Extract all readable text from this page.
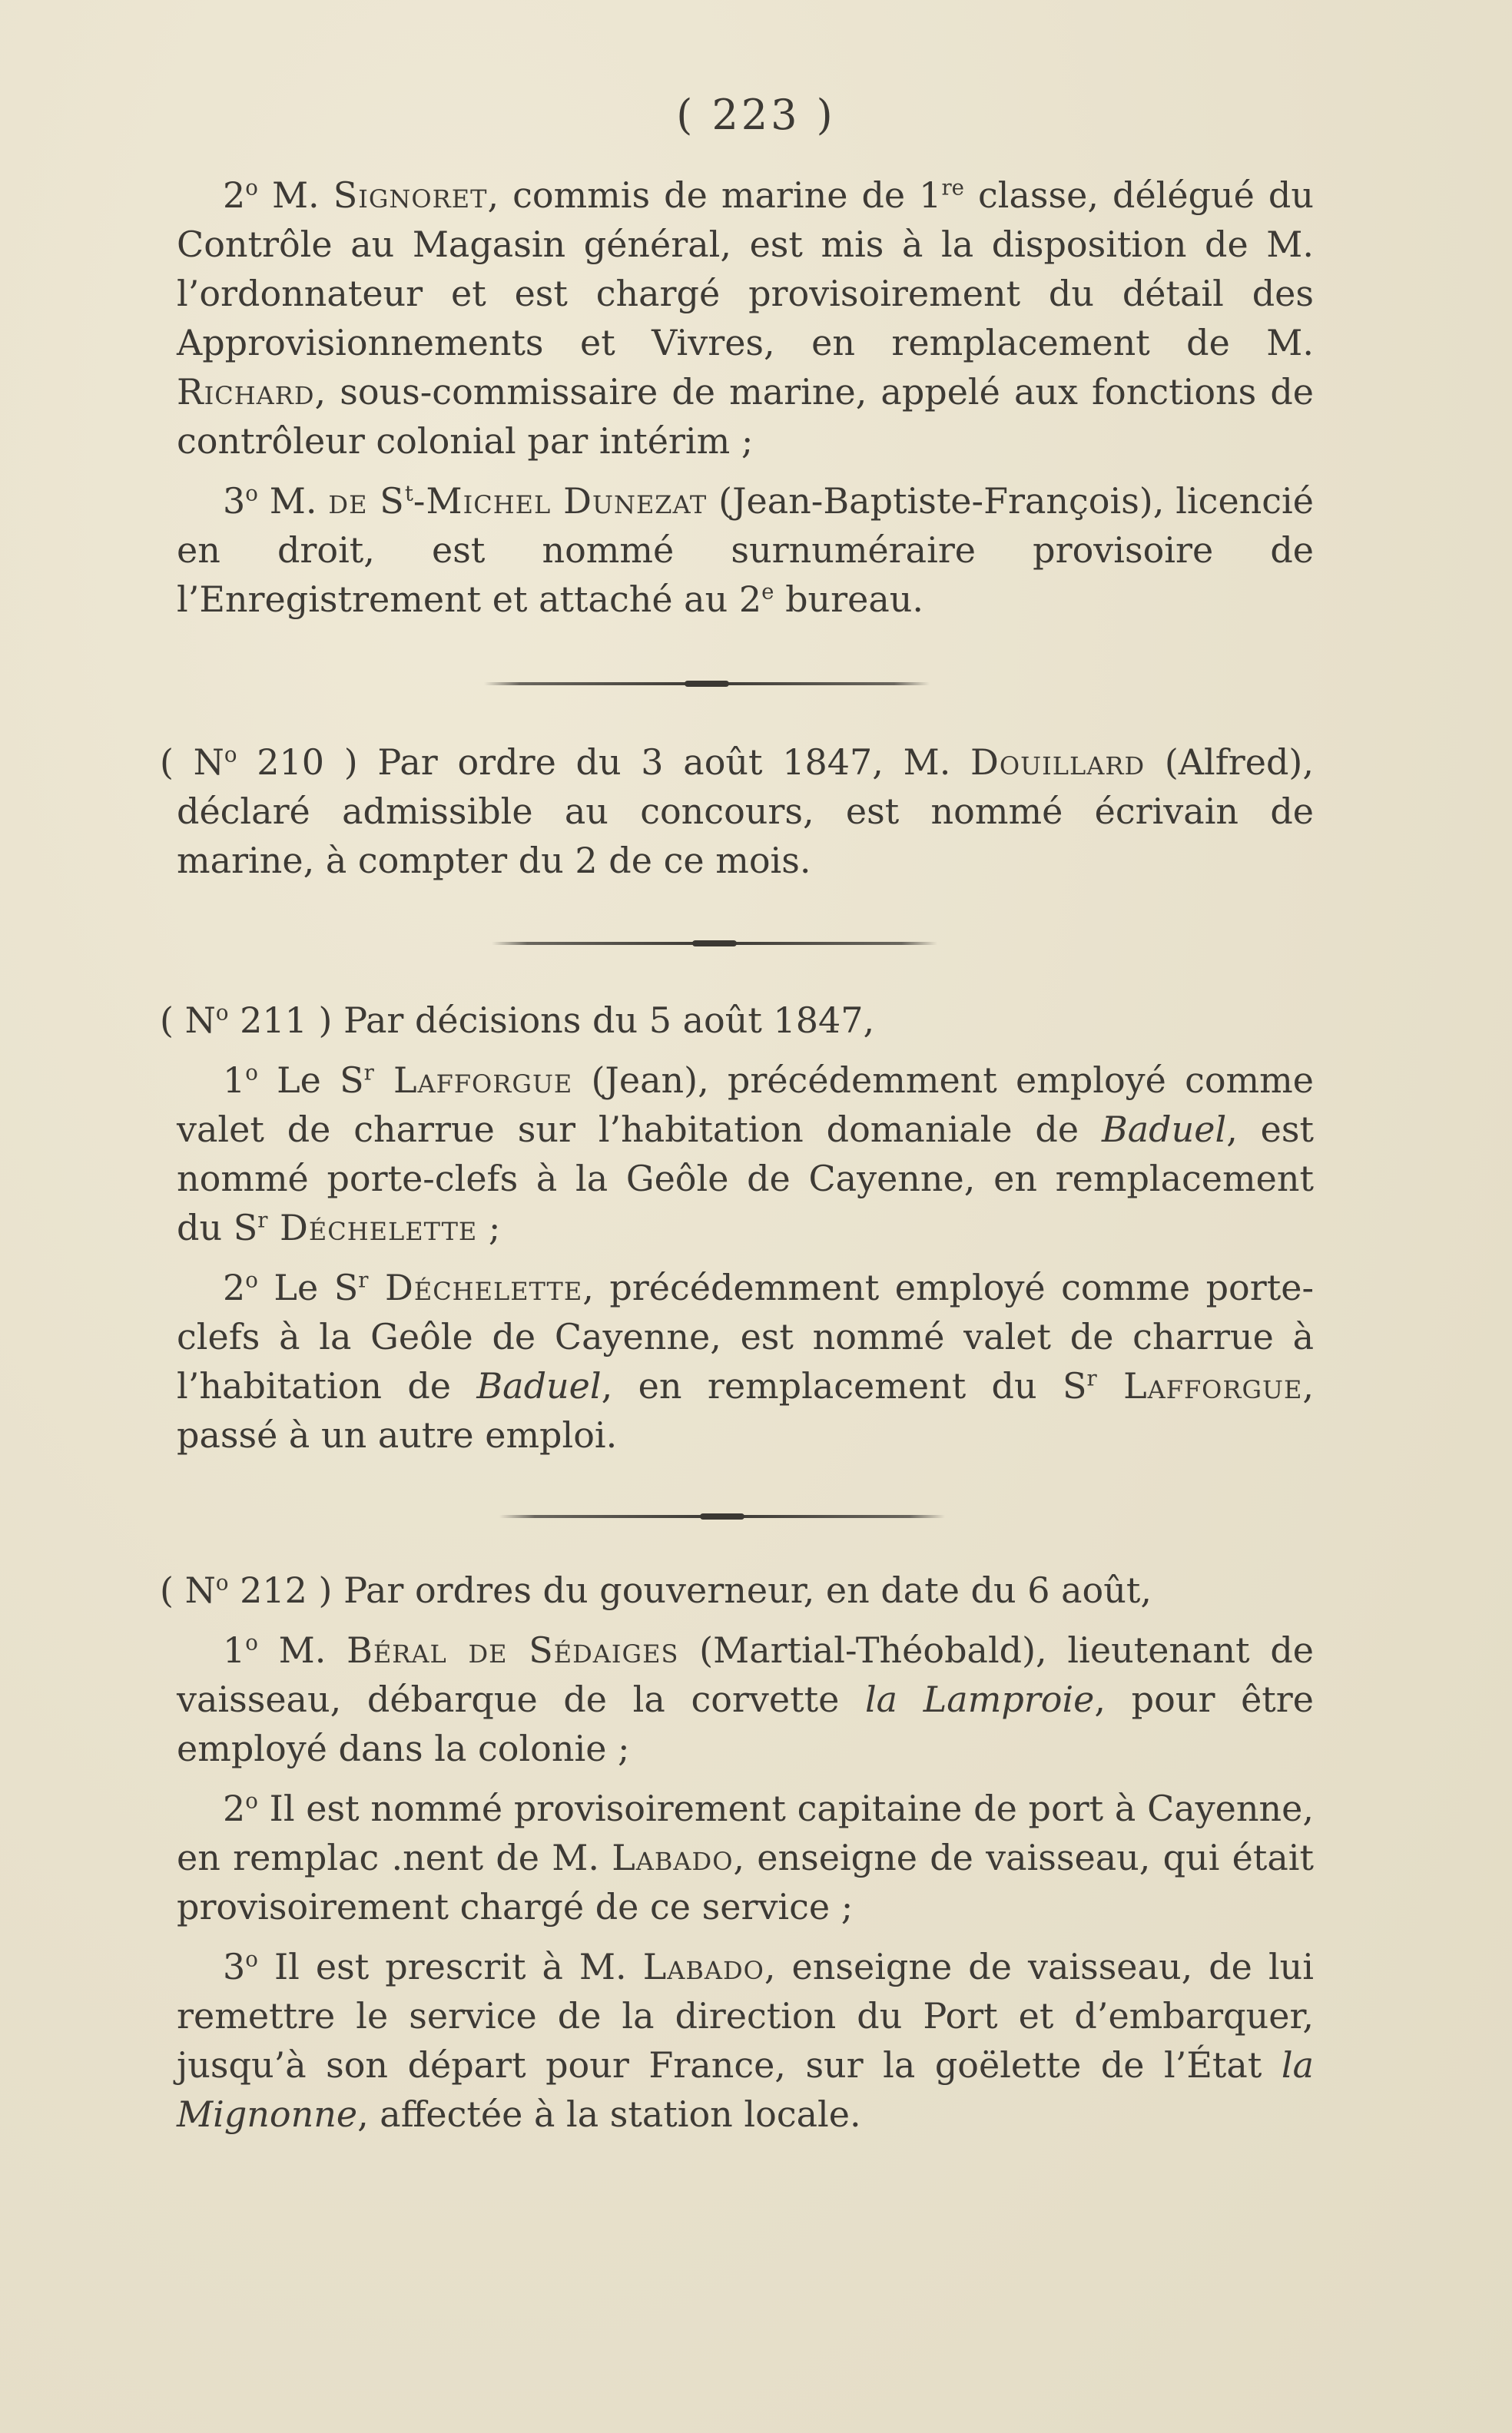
( 223 )

2$^o$ M. Signoret, commis de marine de 1re classe, délégué du Contrôle au Magasin général, est mis à la disposition de M. l’ordonnateur et est chargé provisoirement du détail des Approvisionnements et Vivres, en remplacement de M. Richard, sous-commissaire de marine, appelé aux fonctions de contrôleur colonial par intérim ;

3$^o$ M. de $S^t$-Michel Dunezat (Jean-Baptiste-François), licencié en droit, est nommé surnuméraire provisoire de l’Enregistrement et attaché au 2e bureau.

( $N^o$ 210 ) Par ordre du 3 août 1847, M. Douillard (Alfred), déclaré admissible au concours, est nommé écrivain de marine, à compter du 2 de ce mois.

( $N^o$ 211 ) Par décisions du 5 août 1847,

1$^o$ Le $S^r$ Lafforgue (Jean), précédemment employé comme valet de charrue sur l’habitation domaniale de Baduel, est nommé porte-clefs à la Geôle de Cayenne, en remplacement du $S^r$ Déchelette ;

2$^o$ Le $S^r$ Déchelette, précédemment employé comme porte-clefs à la Geôle de Cayenne, est nommé valet de charrue à l’habitation de Baduel, en remplacement du $S^r$ Lafforgue, passé à un autre emploi.

( $N^o$ 212 ) Par ordres du gouverneur, en date du 6 août,

1$^o$ M. Béral de Sédaiges (Martial-Théobald), lieutenant de vaisseau, débarque de la corvette la Lamproie, pour être employé dans la colonie ;

2$^o$ Il est nommé provisoirement capitaine de port à Cayenne, en remplac .nent de M. Labado, enseigne de vaisseau, qui était provisoirement chargé de ce service ;

3$^o$ Il est prescrit à M. Labado, enseigne de vaisseau, de lui remettre le service de la direction du Port et d’embarquer, jusqu’à son départ pour France, sur la goëlette de l’État la Mignonne, affectée à la station locale.
